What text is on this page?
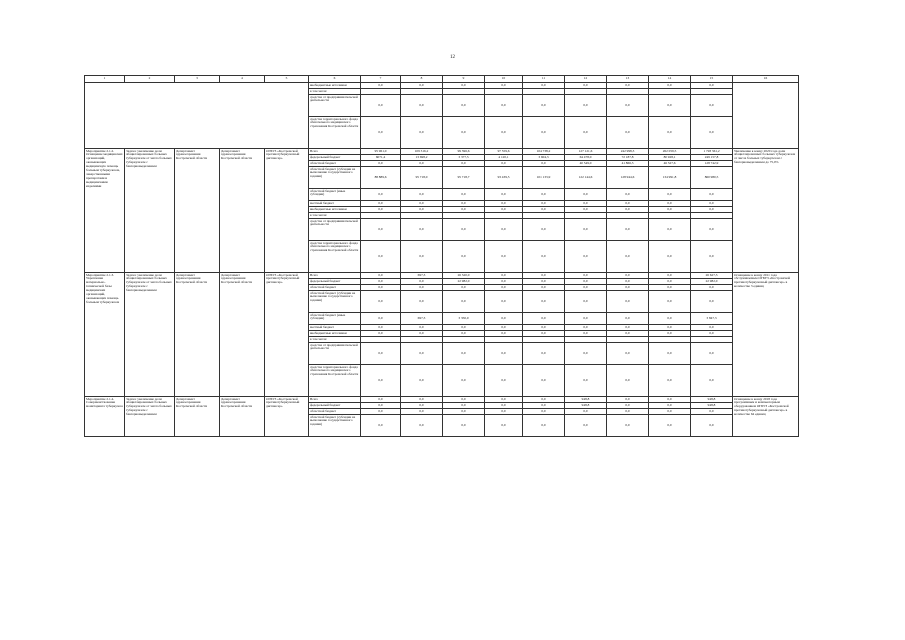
12
1	2	3	4	5	6	7	8	9	10	11	12	13	14	15	16
					внебюджетные источники	0,0	0,0	0,0	0,0	0,0	0,0	0,0	0,0	0,0	
					в том числе:										
					средства от предпринимательской деятельности	0,0	0,0	0,0	0,0	0,0	0,0	0,0	0,0	0,0	
					средства территориального фонда обязательного медицинского страхования Костромской области	0,0	0,0	0,0	0,0	0,0	0,0	0,0	0,0	0,0	
Мероприятие 2.1.2. Оснащение медицинских организаций, оказывающих медицинскую помощь больным туберкулезом, лекарственными препаратами и медицинскими изделиями	Задача: увеличение доли абациллированных больных туберкулезом от числа больных туберкулезом с бактериовыделением	Департамент здравоохранения Костромской области	Департамент здравоохранения Костромской области	ОГБУЗ «Костромской противотуберкулезный диспансер»	Всего	95 961,0	109 316,2	99 396,6	97 559,6	104 738,2	127 121,6	242 998,3	262 059,5	1 728 361,2	Увеличение к концу 2020 года доли абациллированных больных туберкулезом от числа больных туберкулезом с бактериовыделением до 75,0%
					федеральный бюджет	6071,4	13 698,2	3 377,5	4 120,1	3 604,3	64 478,0	72 187,8	80 928,1	249 157,8	
					областной бюджет	0,0	0,0	0,0	0,0	0,0	40 549,0	41 866,3	46 327,6	128 742,9	
					областной бюджет (субсидии на выполнение государственного задания)	88 889,6	95 718,0	95 718,7	93 439,5	101 133,9	122 144,6	128 944,6	134 991,8	860 980,5	
					областной бюджет (иные субсидии)	0,0	0,0	0,0	0,0	0,0	0,0	0,0	0,0	0,0	
					местный бюджет	0,0	0,0	0,0	0,0	0,0	0,0	0,0	0,0	0,0	
					внебюджетные источники	0,0	0,0	0,0	0,0	0,0	0,0	0,0	0,0	0,0	
					в том числе:										
					средства от предпринимательской деятельности	0,0	0,0	0,0	0,0	0,0	0,0	0,0	0,0	0,0	
					средства территориального фонда обязательного медицинского страхования Костромской области	0,0	0,0	0,0	0,0	0,0	0,0	0,0	0,0	0,0	
Мероприятие 2.1.3. Укрепление материально-технической базы медицинских организаций, оказывающих помощь больным туберкулезом	Задача: увеличение доли абациллированных больных туберкулезом от числа больных туберкулезом с бактериовыделением	Департамент здравоохранения Костромской области	Департамент здравоохранения Костромской области	ОГБУЗ «Костромской противотуберкулезный диспансер»	Всего	0,0	697,3	26 320,0	0,0	0,0	0,0	0,0	0,0	26 627,3	Оснащение к концу 2011 года обслуживаемым ОГБУЗ «Костромской противотуберкулезный диспансер» в количестве 3 единиц
					федеральный бюджет	0,0	0,0	22 982,0	0,0	0,0	0,0	0,0	0,0	22 982,0	
					областной бюджет	0,0	0,0	0,0	0,0	0,0	0,0	0,0	0,0	0,0	
					областной бюджет (субсидии на выполнение государственного задания)	0,0	0,0	0,0	0,0	0,0	0,0	0,0	0,0	0,0	
					областной бюджет (иные субсидии)	0,0	697,3	3 350,0	0,0	0,0	0,0	0,0	0,0	3 847,3	
					местный бюджет	0,0	0,0	0,0	0,0	0,0	0,0	0,0	0,0	0,0	
					внебюджетные источники	0,0	0,0	0,0	0,0	0,0	0,0	0,0	0,0	0,0	
					в том числе:										
					средства от предпринимательской деятельности	0,0	0,0	0,0	0,0	0,0	0,0	0,0	0,0	0,0	
					средства территориального фонда обязательного медицинского страхования Костромской области	0,0	0,0	0,0	0,0	0,0	0,0	0,0	0,0	0,0	
Мероприятие 2.1.4. Совершенствование мониторинга туберкулеза	Задача: увеличение доли абациллированных больных туберкулезом от числа больных туберкулезом с бактериовыделением	Департамент здравоохранения Костромской области	Департамент здравоохранения Костромской области	ОГБУЗ «Костромской противотуберкулезный диспансер»	Всего	0,0	0,0	0,0	0,0	0,0	948,8	0,0	0,0	948,8	Оснащение к концу 2018 года программным и компьютерным оборудованием ОГБУЗ «Костромской противотуберкулезный диспансер» в количестве 64 единиц
					федеральный бюджет	0,0	0,0	0,0	0,0	0,0	948,8	0,0	0,0	948,8	
					областной бюджет	0,0	0,0	0,0	0,0	0,0	0,0	0,0	0,0	0,0	
					областной бюджет (субсидии на выполнение государственного задания)	0,0	0,0	0,0	0,0	0,0	0,0	0,0	0,0	0,0	
